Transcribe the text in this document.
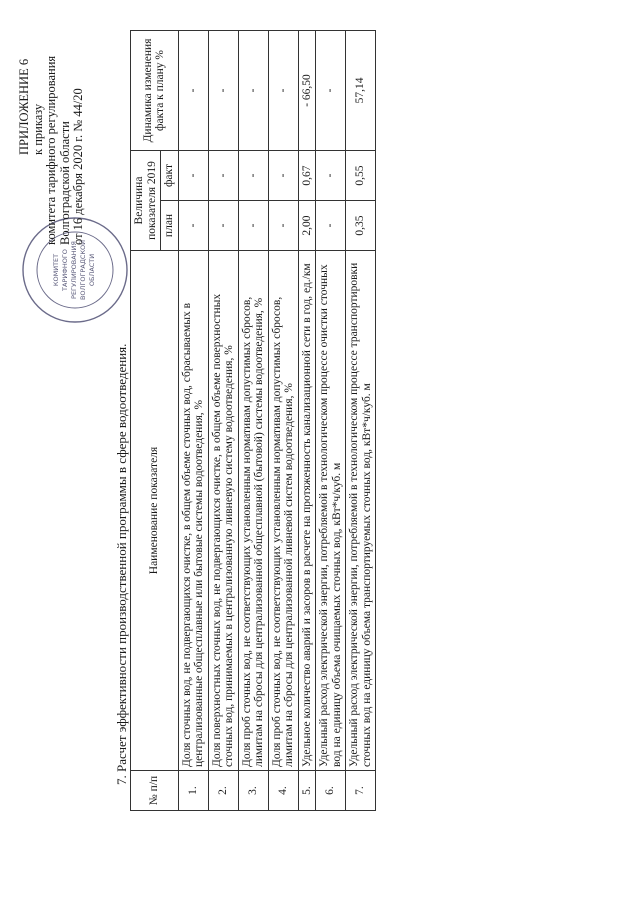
КОМИТЕТ ТАРИФНОГО РЕГУЛИРОВАНИЯ ВОЛГОГРАДСКОЙ ОБЛАСТИ
ПРИЛОЖЕНИЕ 6 к приказу комитета тарифного регулирования Волгоградской области от 16 декабря 2020 г. № 44/20
7. Расчет эффективности производственной программы в сфере водоотведения.
№ п/п	Наименование показателя	Величина показателя 2019		Динамика изменения факта к плану %
		план	факт	
1.	Доля сточных вод, не подвергающихся очистке, в общем объеме сточных вод, сбрасываемых в централизованные общесплавные или бытовые системы водоотведения, %	-	-	-
2.	Доля поверхностных сточных вод, не подвергающихся очистке, в общем объеме поверхностных сточных вод, принимаемых в централизованную ливневую систему водоотведения, %	-	-	-
3.	Доля проб сточных вод, не соответствующих установленным нормативам допустимых сбросов, лимитам на сбросы для централизованной общесплавной (бытовой) системы водоотведения, %	-	-	-
4.	Доля проб сточных вод, не соответствующих установленным нормативам допустимых сбросов, лимитам на сбросы для централизованной ливневой систем водоотведения, %	-	-	-
5.	Удельное количество аварий и засоров в расчете на протяженность канализационной сети в год, ед./км	2,00	0,67	- 66,50
6.	Удельный расход электрической энергии, потребляемой в технологическом процессе очистки сточных вод на единицу объема очищаемых сточных вод, кВт*ч/куб. м	-	-	-
7.	Удельный расход электрической энергии, потребляемой в технологическом процессе транспортировки сточных вод на единицу объема транспортируемых сточных вод, кВт*ч/куб. м	0,35	0,55	57,14
